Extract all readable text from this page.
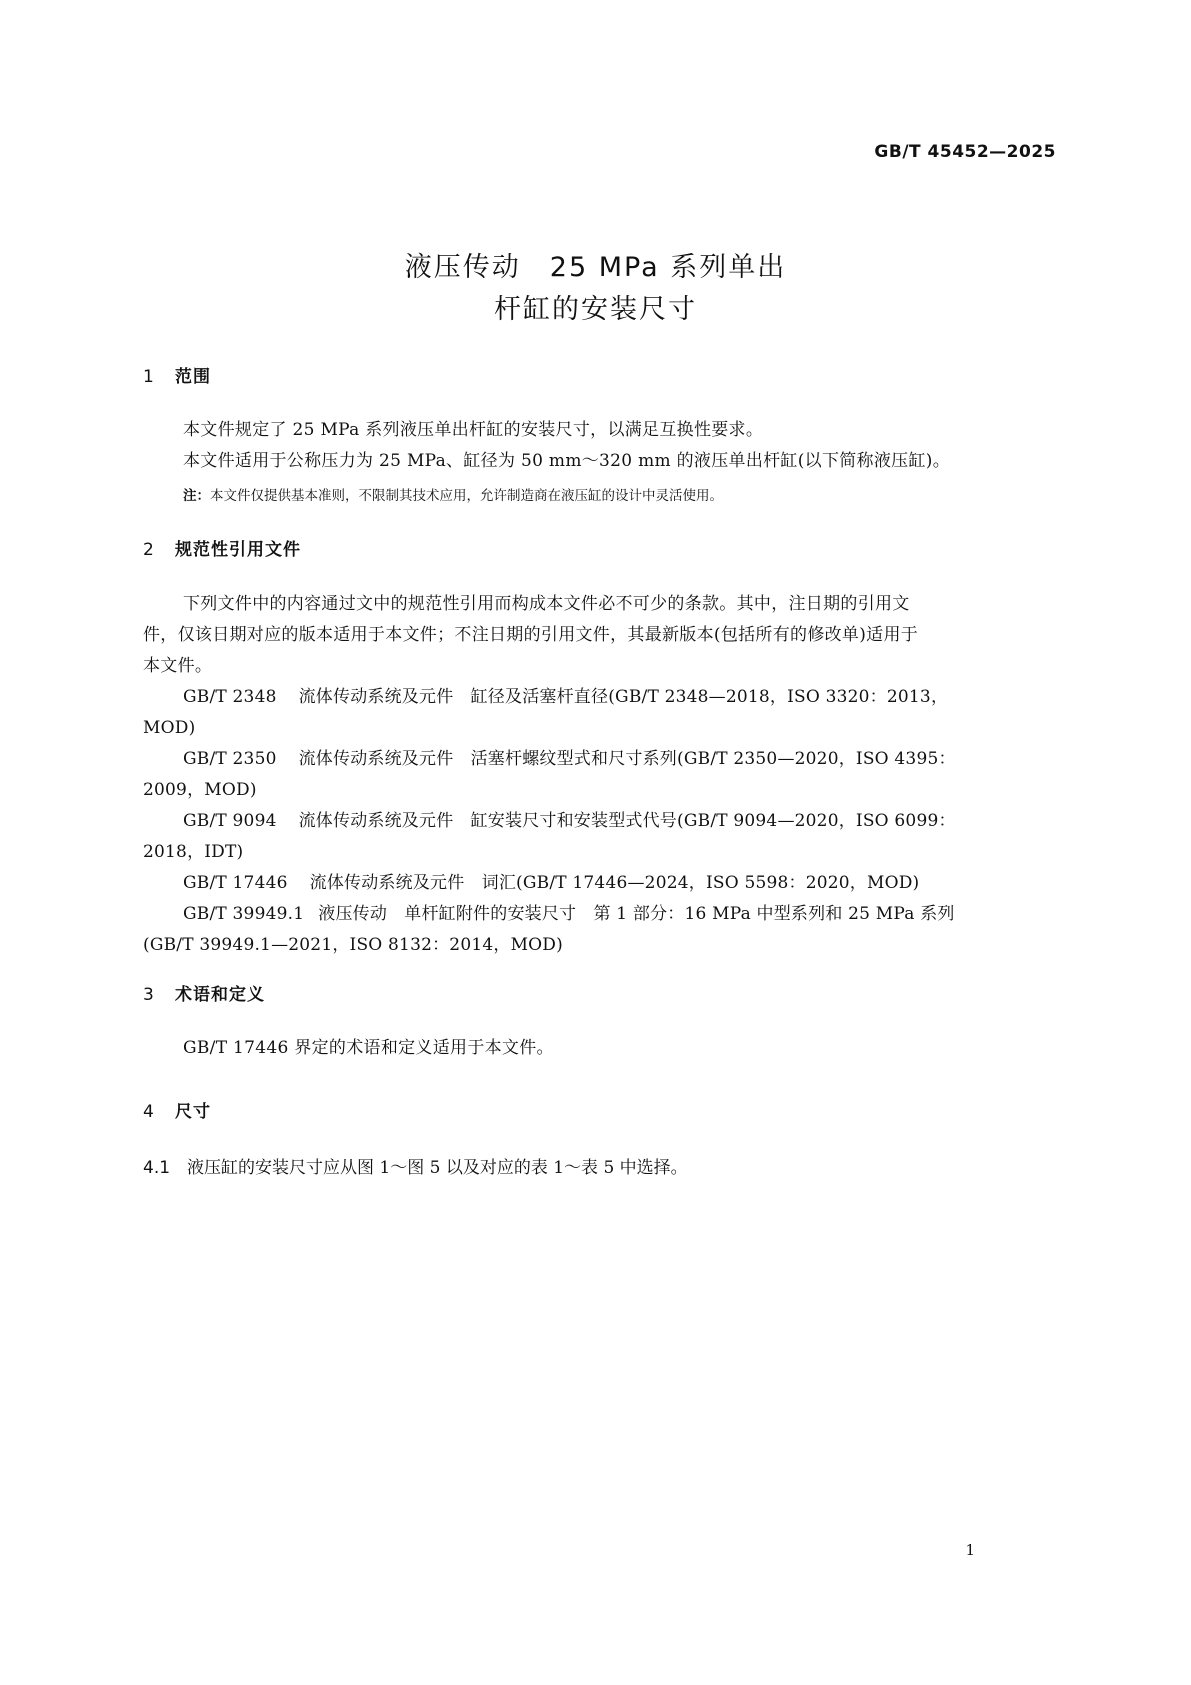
GB/T 45452—2025
液压传动　25 MPa 系列单出
杆缸的安装尺寸
1 范围
本文件规定了 25 MPa 系列液压单出杆缸的安装尺寸，以满足互换性要求。
本文件适用于公称压力为 25 MPa、缸径为 50 mm～320 mm 的液压单出杆缸(以下简称液压缸)。
注：本文件仅提供基本准则，不限制其技术应用，允许制造商在液压缸的设计中灵活使用。
2 规范性引用文件
下列文件中的内容通过文中的规范性引用而构成本文件必不可少的条款。其中，注日期的引用文
件，仅该日期对应的版本适用于本文件；不注日期的引用文件，其最新版本(包括所有的修改单)适用于
本文件。
GB/T 2348 流体传动系统及元件　缸径及活塞杆直径(GB/T 2348—2018，ISO 3320：2013，
MOD)
GB/T 2350 流体传动系统及元件　活塞杆螺纹型式和尺寸系列(GB/T 2350—2020，ISO 4395：
2009，MOD)
GB/T 9094 流体传动系统及元件　缸安装尺寸和安装型式代号(GB/T 9094—2020，ISO 6099：
2018，IDT)
GB/T 17446 流体传动系统及元件　词汇(GB/T 17446—2024，ISO 5598：2020，MOD)
GB/T 39949.1 液压传动　单杆缸附件的安装尺寸　第 1 部分：16 MPa 中型系列和 25 MPa 系列
(GB/T 39949.1—2021，ISO 8132：2014，MOD)
3 术语和定义
GB/T 17446 界定的术语和定义适用于本文件。
4 尺寸
4.1 液压缸的安装尺寸应从图 1～图 5 以及对应的表 1～表 5 中选择。
1
